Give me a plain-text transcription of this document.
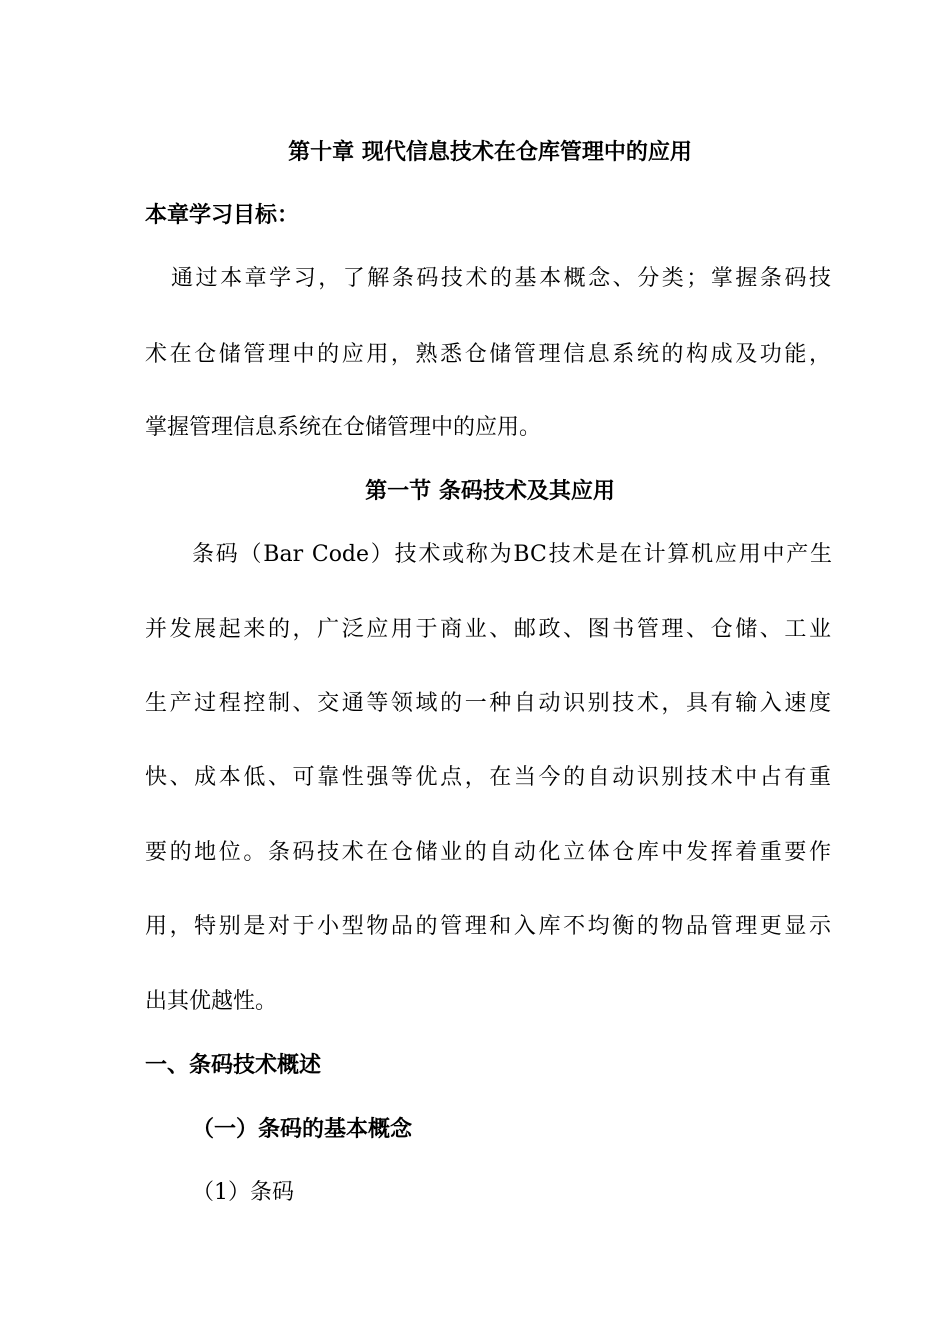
第十章 现代信息技术在仓库管理中的应用
本章学习目标：
通过本章学习，了解条码技术的基本概念、分类；掌握条码技
术在仓储管理中的应用，熟悉仓储管理信息系统的构成及功能，
掌握管理信息系统在仓储管理中的应用。
第一节 条码技术及其应用
条码（Bar Code）技术或称为BC技术是在计算机应用中产生
并发展起来的，广泛应用于商业、邮政、图书管理、仓储、工业
生产过程控制、交通等领域的一种自动识别技术，具有输入速度
快、成本低、可靠性强等优点，在当今的自动识别技术中占有重
要的地位。条码技术在仓储业的自动化立体仓库中发挥着重要作
用，特别是对于小型物品的管理和入库不均衡的物品管理更显示
出其优越性。
一、条码技术概述
（一）条码的基本概念
（1）条码
